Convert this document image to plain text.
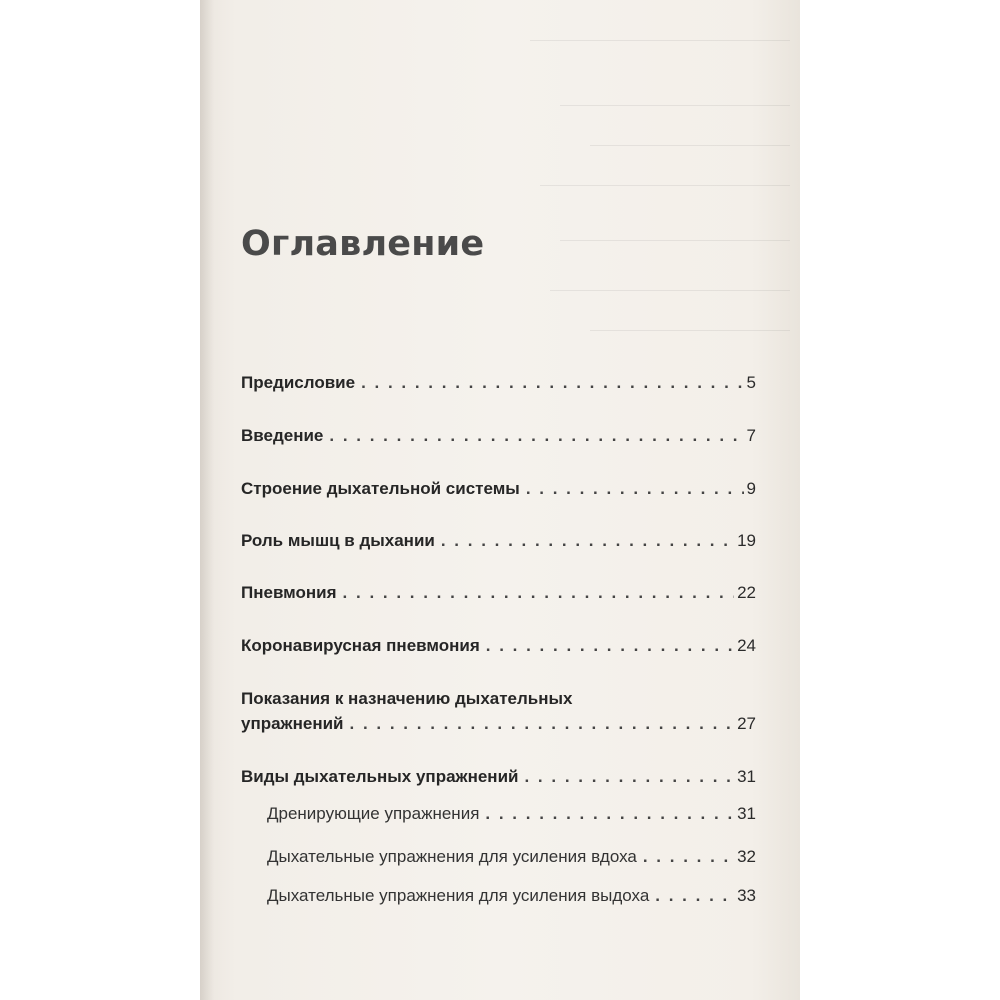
Оглавление
Предисловие . . .	5
Введение . . .	7
Строение дыхательной системы . . .	9
Роль мышц в дыхании . . .	19
Пневмония . . .	22
Коронавирусная пневмония . . .	24
Показания к назначению дыхательных
упражнений . . .	27
Виды дыхательных упражнений . . .	31
Дренирующие упражнения . . .	31
Дыхательные упражнения для усиления вдоха . . .	32
Дыхательные упражнения для усиления выдоха . . .	33
